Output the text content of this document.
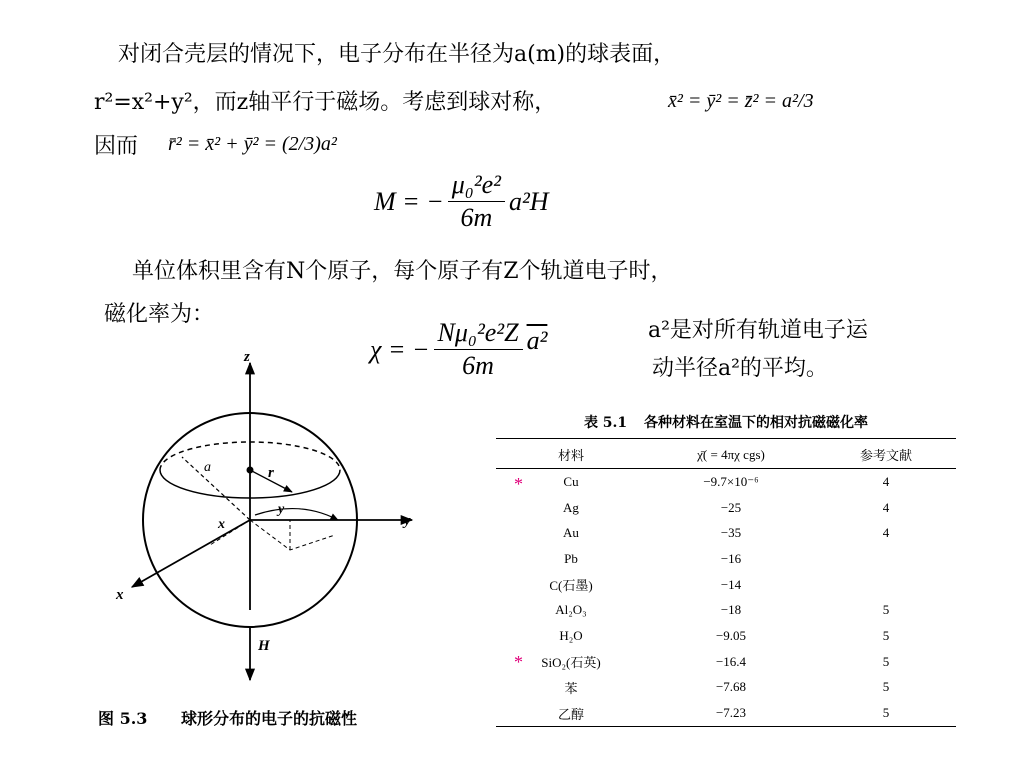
对闭合壳层的情况下，电子分布在半径为a(m)的球表面，
r²=x²+y²，而z轴平行于磁场。考虑到球对称，	x̄² = ȳ² = z̄² = a²/3
因而 r̄² = x̄² + ȳ² = (2/3)a²
M = − $\frac{\text{μ₀²e²}}{6m} a^2H$
单位体积里含有N个原子，每个原子有Z个轨道电子时，
磁化率为：
χ = − $\frac{\text{Nμ₀²e²Z}}{6m} a^2$	a²是对所有轨道电子运
动半径a²的平均。
z
y
x
a	r
x
y
H
图 5.3 球形分布的电子的抗磁性
表 5.1 各种材料在室温下的相对抗磁磁化率
材料	χ̄( = 4πχ cgs)	参考文献

* Cu	−9.7×10⁻⁶	4
Ag	−25	4
Au	−35	4
Pb	−16	
C(石墨)	−14	
Al₂O₃	−18	5
H₂O	−9.05	5

* SiO₂(石英)	−16.4	5
苯	−7.68	5
乙醇	−7.23	5
